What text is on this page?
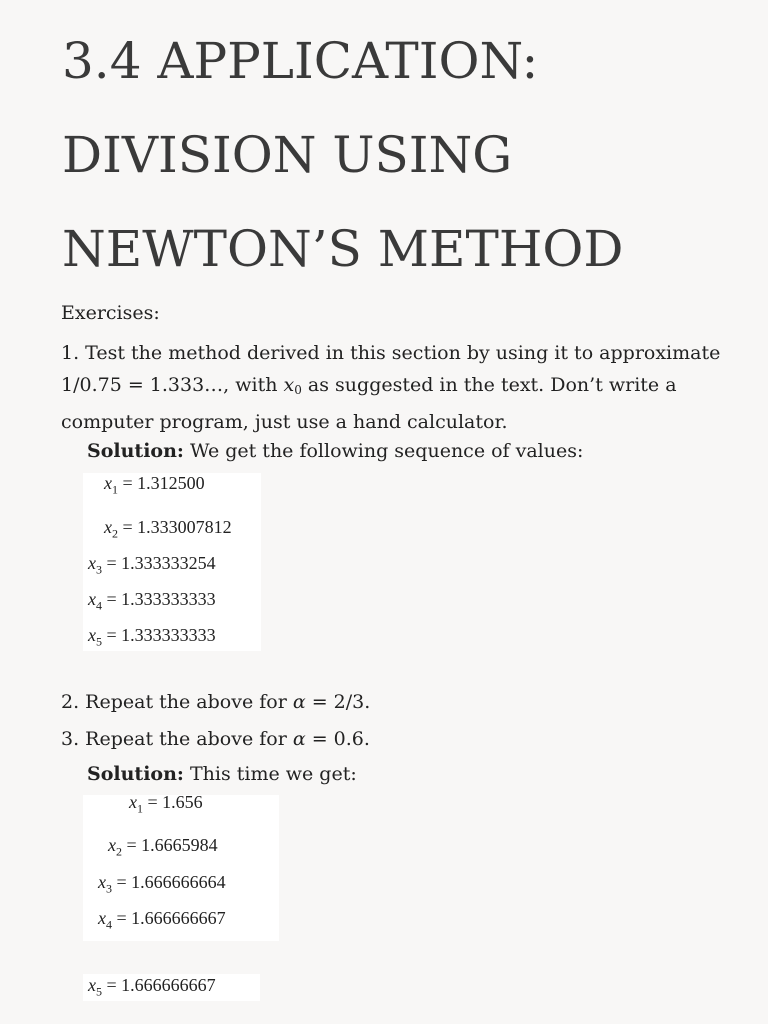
3.4 APPLICATION:
DIVISION USING
NEWTON’S METHOD
Exercises:
1. Test the method derived in this section by using it to approximate 1/0.75 = 1.333…, with $x_0$ as suggested in the text. Don’t write a computer program, just use a hand calculator.
Solution: We get the following sequence of values:
$x_1 = 1.312500$
$x_2 = 1.333007812$
$x_3 = 1.333333254$
$x_4 = 1.333333333$
$x_5 = 1.333333333$
2. Repeat the above for α = 2/3.
3. Repeat the above for α = 0.6.
Solution: This time we get:
$x_1 = 1.656$
$x_2 = 1.6665984$
$x_3 = 1.666666664$
$x_4 = 1.666666667$
$x_5 = 1.666666667$
